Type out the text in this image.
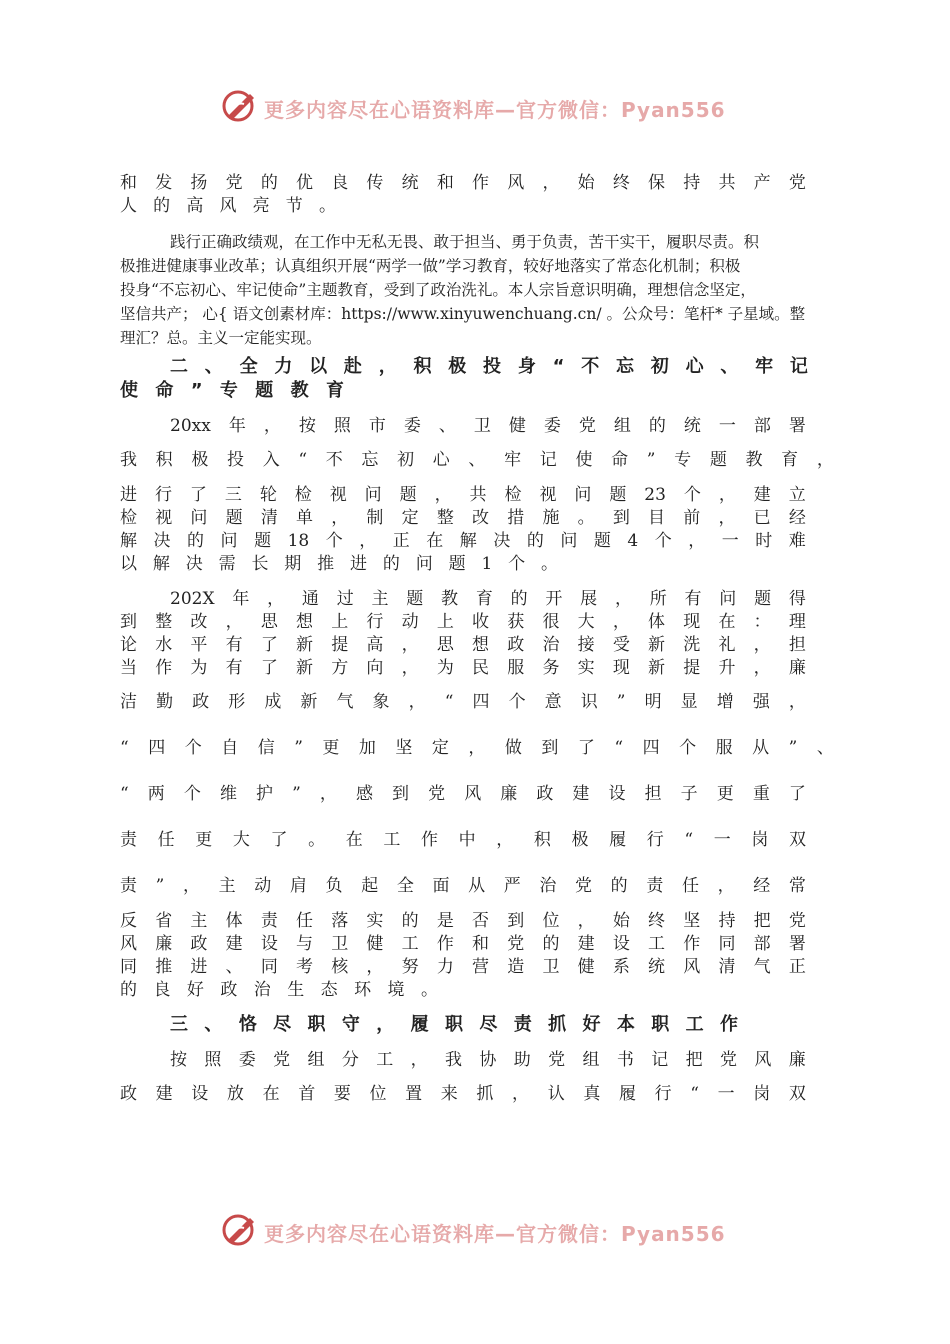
更多内容尽在心语资料库—官方微信：Pyan556
和 发 扬 党 的 优 良 传 统 和 作 风 ， 始 终 保 持 共 产 党
人 的 高 风 亮 节 。
践行正确政绩观，在工作中无私无畏、敢于担当、勇于负责，苦干实干，履职尽责。积
极推进健康事业改革；认真组织开展“两学一做”学习教育，较好地落实了常态化机制；积极
投身“不忘初心、牢记使命”主题教育，受到了政治洗礼。本人宗旨意识明确，理想信念坚定，
坚信共产； 心{ 语文创素材库：https://www.xinyuwenchuang.cn/ 。公众号：笔杆* 子星域。整
理汇？总。主义一定能实现。
二 、 全 力 以 赴 ， 积 极 投 身 “ 不 忘 初 心 、 牢 记
使 命 ” 专 题 教 育
20xx 年 ， 按 照 市 委 、 卫 健 委 党 组 的 统 一 部 署
我 积 极 投 入 “ 不 忘 初 心 、 牢 记 使 命 ” 专 题 教 育 ，
进 行 了 三 轮 检 视 问 题 ， 共 检 视 问 题 23 个 ， 建 立
检 视 问 题 清 单 ， 制 定 整 改 措 施 。 到 目 前 ， 已 经
解 决 的 问 题 18 个 ， 正 在 解 决 的 问 题 4 个 ， 一 时 难
以 解 决 需 长 期 推 进 的 问 题 1 个 。
202X 年 ， 通 过 主 题 教 育 的 开 展 ， 所 有 问 题 得
到 整 改 ， 思 想 上 行 动 上 收 获 很 大 ， 体 现 在 ： 理
论 水 平 有 了 新 提 高 ， 思 想 政 治 接 受 新 洗 礼 ， 担
当 作 为 有 了 新 方 向 ， 为 民 服 务 实 现 新 提 升 ， 廉
洁 勤 政 形 成 新 气 象 ， “ 四 个 意 识 ” 明 显 增 强 ，
“ 四 个 自 信 ” 更 加 坚 定 ， 做 到 了 “ 四 个 服 从 ” 、
“ 两 个 维 护 ” ， 感 到 党 风 廉 政 建 设 担 子 更 重 了
责 任 更 大 了 。 在 工 作 中 ， 积 极 履 行 “ 一 岗 双
责 ” ， 主 动 肩 负 起 全 面 从 严 治 党 的 责 任 ， 经 常
反 省 主 体 责 任 落 实 的 是 否 到 位 ， 始 终 坚 持 把 党
风 廉 政 建 设 与 卫 健 工 作 和 党 的 建 设 工 作 同 部 署
同 推 进 、 同 考 核 ， 努 力 营 造 卫 健 系 统 风 清 气 正
的 良 好 政 治 生 态 环 境 。
三 、 恪 尽 职 守 ， 履 职 尽 责 抓 好 本 职 工 作
按 照 委 党 组 分 工 ， 我 协 助 党 组 书 记 把 党 风 廉
政 建 设 放 在 首 要 位 置 来 抓 ， 认 真 履 行 “ 一 岗 双
更多内容尽在心语资料库—官方微信：Pyan556
